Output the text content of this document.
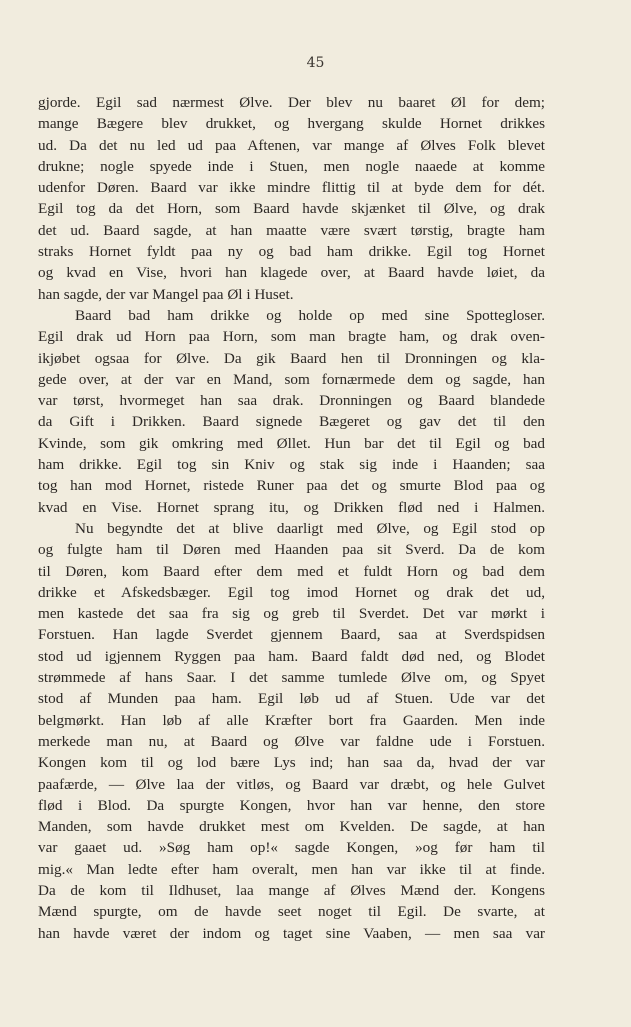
45
gjorde. Egil sad nærmest Ølve. Der blev nu baaret Øl for dem;
mange Bægere blev drukket, og hvergang skulde Hornet drikkes
ud. Da det nu led ud paa Aftenen, var mange af Ølves Folk blevet
drukne; nogle spyede inde i Stuen, men nogle naaede at komme
udenfor Døren. Baard var ikke mindre flittig til at byde dem for dét.
Egil tog da det Horn, som Baard havde skjænket til Ølve, og drak
det ud. Baard sagde, at han maatte være svært tørstig, bragte ham
straks Hornet fyldt paa ny og bad ham drikke. Egil tog Hornet
og kvad en Vise, hvori han klagede over, at Baard havde løiet, da
han sagde, der var Mangel paa Øl i Huset.
Baard bad ham drikke og holde op med sine Spottegloser.
Egil drak ud Horn paa Horn, som man bragte ham, og drak oven-
ikjøbet ogsaa for Ølve. Da gik Baard hen til Dronningen og kla-
gede over, at der var en Mand, som fornærmede dem og sagde, han
var tørst, hvormeget han saa drak. Dronningen og Baard blandede
da Gift i Drikken. Baard signede Bægeret og gav det til den
Kvinde, som gik omkring med Øllet. Hun bar det til Egil og bad
ham drikke. Egil tog sin Kniv og stak sig inde i Haanden; saa
tog han mod Hornet, ristede Runer paa det og smurte Blod paa og
kvad en Vise. Hornet sprang itu, og Drikken flød ned i Halmen.
Nu begyndte det at blive daarligt med Ølve, og Egil stod op
og fulgte ham til Døren med Haanden paa sit Sverd. Da de kom
til Døren, kom Baard efter dem med et fuldt Horn og bad dem
drikke et Afskedsbæger. Egil tog imod Hornet og drak det ud,
men kastede det saa fra sig og greb til Sverdet. Det var mørkt i
Forstuen. Han lagde Sverdet gjennem Baard, saa at Sverdspidsen
stod ud igjennem Ryggen paa ham. Baard faldt død ned, og Blodet
strømmede af hans Saar. I det samme tumlede Ølve om, og Spyet
stod af Munden paa ham. Egil løb ud af Stuen. Ude var det
belgmørkt. Han løb af alle Kræfter bort fra Gaarden. Men inde
merkede man nu, at Baard og Ølve var faldne ude i Forstuen.
Kongen kom til og lod bære Lys ind; han saa da, hvad der var
paafærde, — Ølve laa der vitløs, og Baard var dræbt, og hele Gulvet
flød i Blod. Da spurgte Kongen, hvor han var henne, den store
Manden, som havde drukket mest om Kvelden. De sagde, at han
var gaaet ud. »Søg ham op!« sagde Kongen, »og før ham til
mig.« Man ledte efter ham overalt, men han var ikke til at finde.
Da de kom til Ildhuset, laa mange af Ølves Mænd der. Kongens
Mænd spurgte, om de havde seet noget til Egil. De svarte, at
han havde været der indom og taget sine Vaaben, — men saa var
